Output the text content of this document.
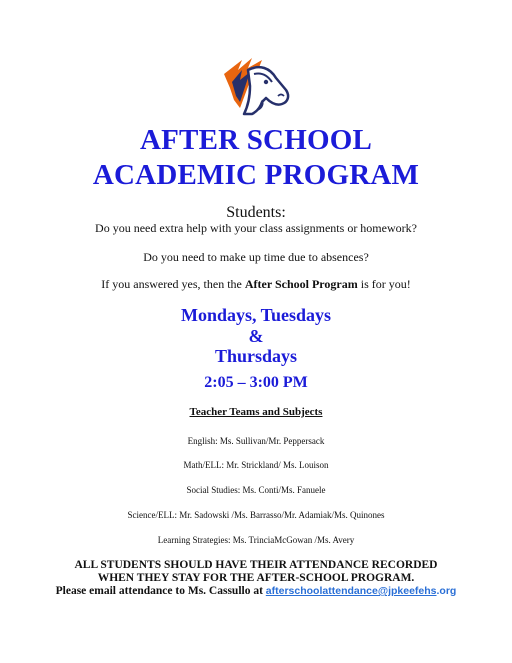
AFTER SCHOOL
ACADEMIC PROGRAM
Students:
Do you need extra help with your class assignments or homework?
Do you need to make up time due to absences?
If you answered yes, then the After School Program is for you!
Mondays, Tuesdays
&
Thursdays
2:05 – 3:00 PM
Teacher Teams and Subjects
English: Ms. Sullivan/Mr. Peppersack
Math/ELL: Mr. Strickland/ Ms. Louison
Social Studies: Ms. Conti/Ms. Fanuele
Science/ELL: Mr. Sadowski /Ms. Barrasso/Mr. Adamiak/Ms. Quinones
Learning Strategies: Ms. TrinciaMcGowan /Ms. Avery
ALL STUDENTS SHOULD HAVE THEIR ATTENDANCE RECORDED
WHEN THEY STAY FOR THE AFTER-SCHOOL PROGRAM.
Please email attendance to Ms. Cassullo at afterschoolattendance@jpkeefehs.org
